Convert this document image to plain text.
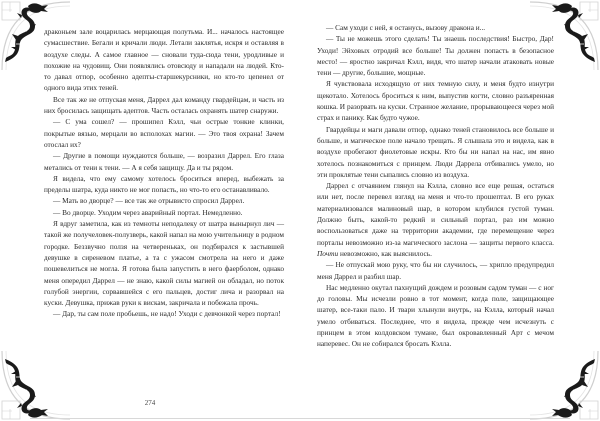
драконьем зале воцарилась мерцающая полутьма. И... началось настоящее сумасшествие. Бегали и кричали люди. Летали заклятья, искря и оставляя в воздухе следы. А самое главное — сновали туда-сюда тени, уродливые и похожие на чудовищ. Они появлялись отовсюду и нападали на людей. Кто-то давал отпор, особенно адепты-старшекурсники, но кто-то цепенел от одного вида этих теней.

Все так же не отпуская меня, Даррел дал команду гвардейцам, и часть из них бросилась защищать адептов. Часть осталась охранять шатер снаружи.

— С ума сошел? — прошипел Кэлл, чьи острые тонкие клинки, покрытые вязью, мерцали во всполохах магии. — Это твоя охрана! Зачем отослал их?

— Другие в помощи нуждаются больше, — возразил Даррел. Его глаза метались от тени к тени. — А я себя защищу. Да и ты рядом.

Я видела, что ему самому хотелось броситься вперед, выбежать за пределы шатра, куда никто не мог попасть, но что-то его останавливало.

— Мать во дворце? — все так же отрывисто спросил Даррел.

— Во дворце. Уходим через аварийный портал. Немедленно.

Я вдруг заметила, как из темноты неподалеку от шатра вынырнул лич — такой же получеловек-полузверь, какой напал на мою учительницу в родном городке. Беззвучно ползя на четвереньках, он подбирался к застывшей девушке в сиреневом платье, а та с ужасом смотрела на него и даже пошевелиться не могла. Я готова была запустить в него фаерболом, однако меня опередил Даррел — не знаю, какой силы магией он обладал, но поток голубой энергии, сорвавшейся с его пальцев, достиг лича и разорвал на куски. Девушка, прижав руки к вискам, закричала и побежала прочь.

— Дар, ты сам поле пробьешь, не надо! Уходи с девчонкой через портал!

274

— Сам уходи с ней, я останусь, вызову дракона и...

— Ты не можешь этого сделать! Ты знаешь последствия! Быстро, Дар! Уходи! Эйховых отродий все больше! Ты должен попасть в безопасное место! — яростно закричал Кэлл, видя, что шатер начали атаковать новые тени — другие, большие, мощные.

Я чувствовала исходящую от них темную силу, и меня будто изнутри щекотало. Хотелось броситься к ним, выпустив когти, словно разъяренная кошка. И разорвать на куски. Странное желание, прорывающееся через мой страх и панику. Как будто чужое.

Гвардейцы и маги давали отпор, однако теней становилось все больше и больше, и магическое поле начало трещать. Я слышала это и видела, как в воздухе пробегают фиолетовые искры. Кто бы ни напал на нас, им явно хотелось познакомиться с принцем. Люди Даррела отбивались умело, но эти проклятые тени сыпались словно из воздуха.

Даррел с отчаянием глянул на Кэлла, словно все еще решая, остаться или нет, после перевел взгляд на меня и что-то прошептал. В его руках материализовался малиновый шар, в котором клубился густой туман. Должно быть, какой-то редкий и сильный портал, раз им можно воспользоваться даже на территории академии, где перемещение через порталы невозможно из-за магического заслона — защиты первого класса. Почти невозможно, как выяснилось.

— Не отпускай мою руку, что бы ни случилось, — хрипло предупредил меня Даррел и разбил шар.

Нас медленно окутал пахнущий дождем и розовым садом туман — с ног до головы. Мы исчезли ровно в тот момент, когда поле, защищающее шатер, все-таки пало. И твари хлынули внутрь, на Кэлла, который начал умело отбиваться. Последнее, что я видела, прежде чем исчезнуть с принцем в этом колдовском тумане, был окровавленный Арт с мечом наперевес. Он не собирался бросать Кэлла.
